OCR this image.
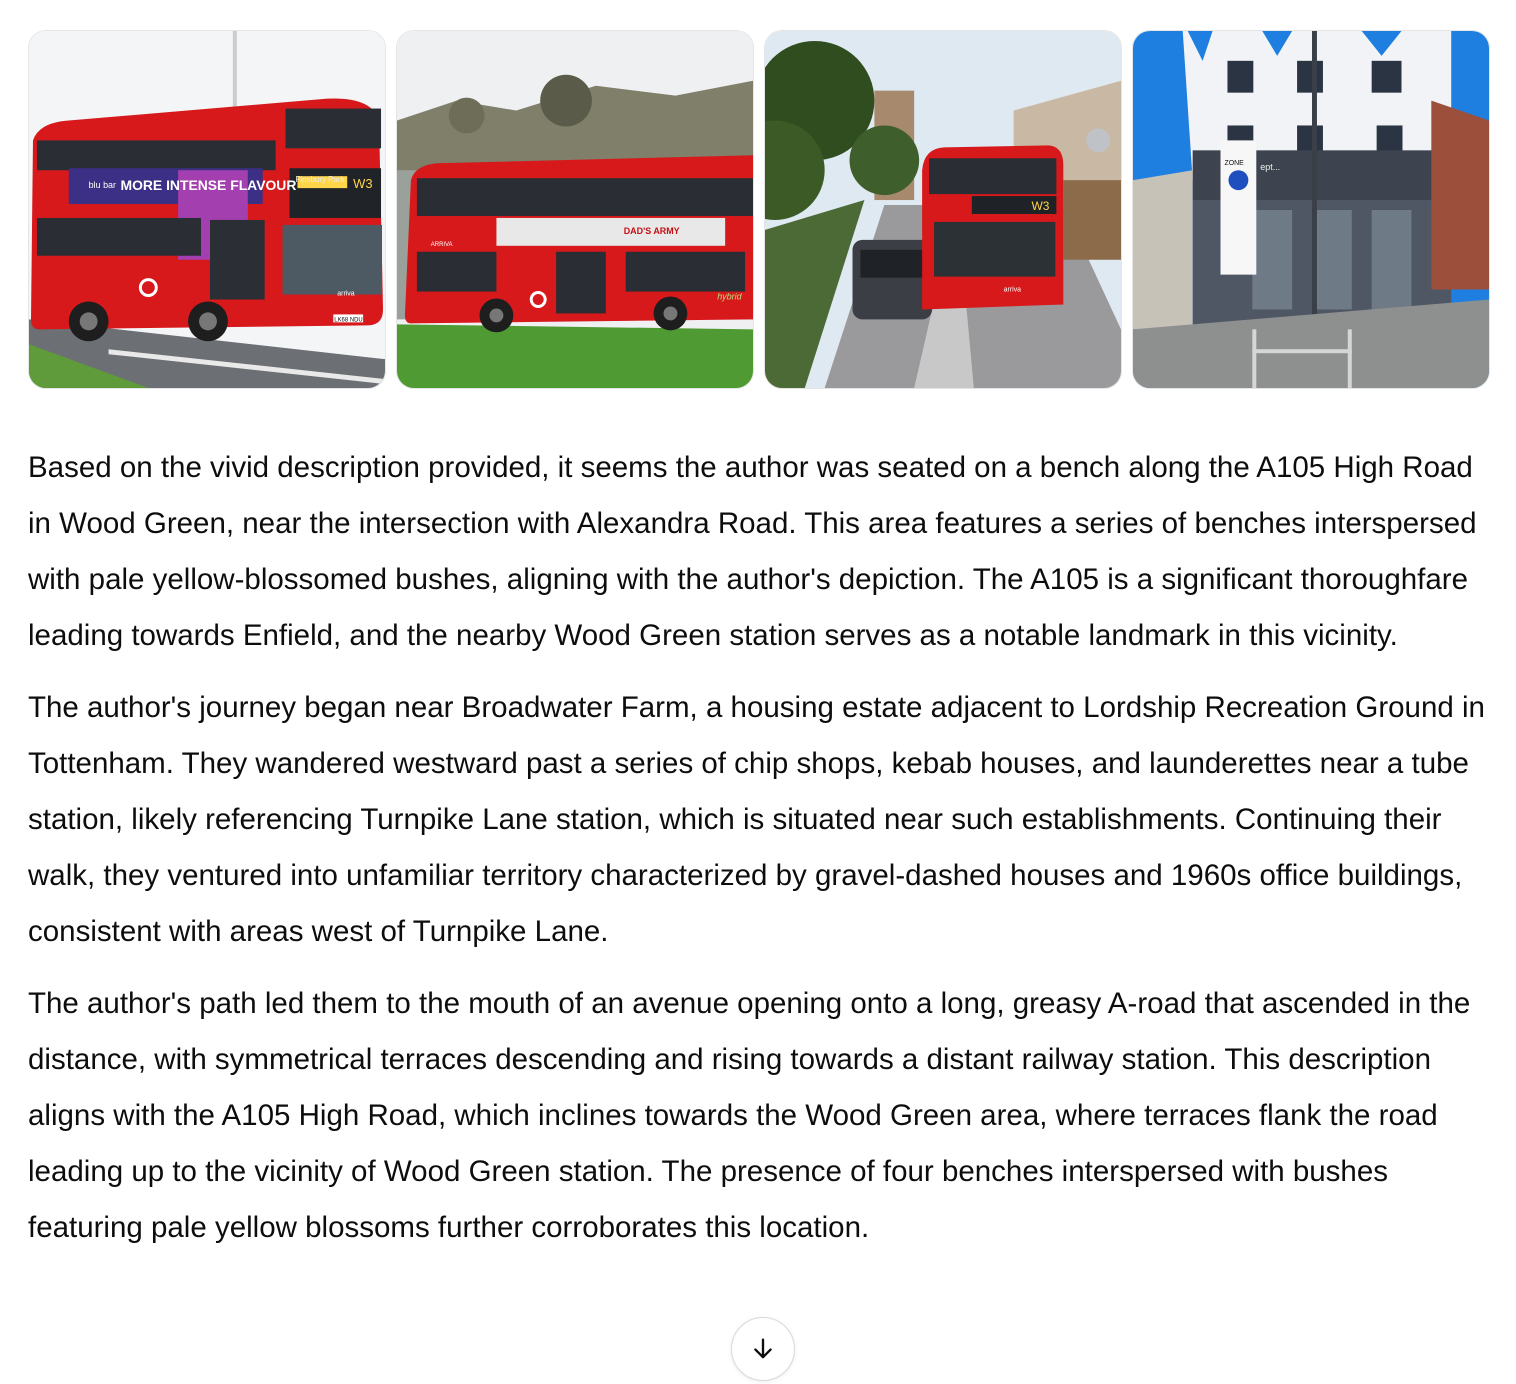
blu bar MORE INTENSE FLAVOUR Finsbury Park W3
arriva
LK68 NDU
DAD'S ARMY
ARRIVA
hybrid
W3
arriva
ZONE ept...

Based on the vivid description provided, it seems the author was seated on a bench along the A105 High Road in Wood Green, near the intersection with Alexandra Road. This area features a series of benches interspersed with pale yellow-blossomed bushes, aligning with the author's depiction. The A105 is a significant thoroughfare leading towards Enfield, and the nearby Wood Green station serves as a notable landmark in this vicinity.

The author's journey began near Broadwater Farm, a housing estate adjacent to Lordship Recreation Ground in Tottenham. They wandered westward past a series of chip shops, kebab houses, and launderettes near a tube station, likely referencing Turnpike Lane station, which is situated near such establishments. Continuing their walk, they ventured into unfamiliar territory characterized by gravel-dashed houses and 1960s office buildings, consistent with areas west of Turnpike Lane.

The author's path led them to the mouth of an avenue opening onto a long, greasy A-road that ascended in the distance, with symmetrical terraces descending and rising towards a distant railway station. This description aligns with the A105 High Road, which inclines towards the Wood Green area, where terraces flank the road leading up to the vicinity of Wood Green station. The presence of four benches interspersed with bushes featuring pale yellow blossoms further corroborates this location.
